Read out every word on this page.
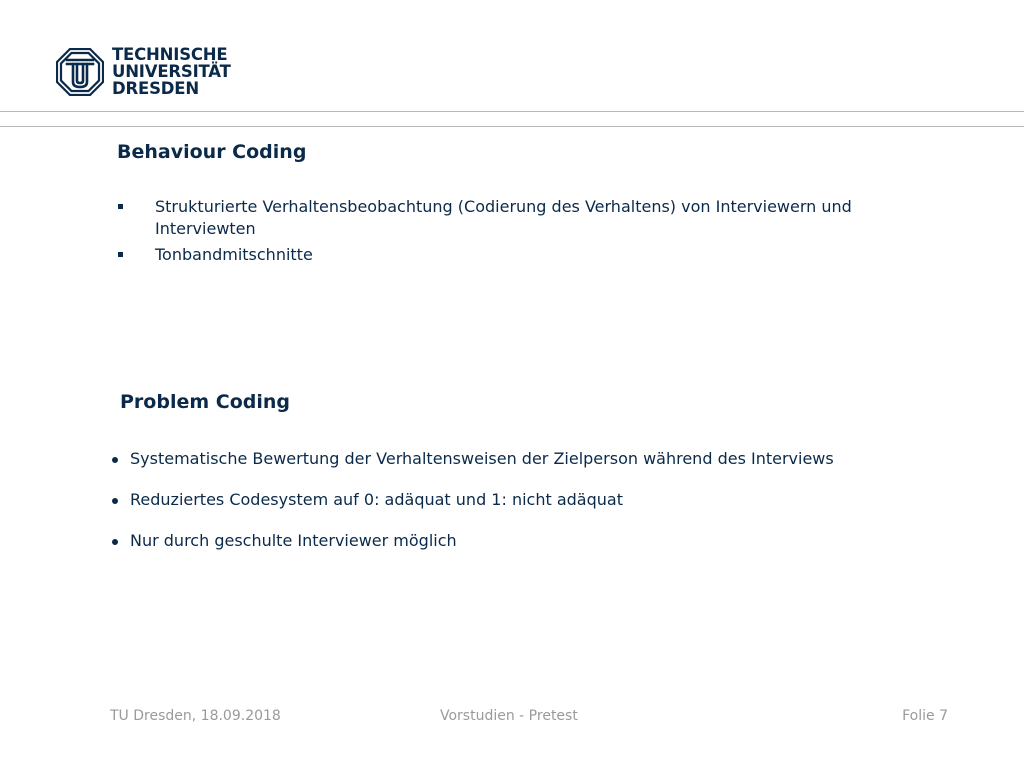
TECHNISCHE
UNIVERSITÄT
DRESDEN
Behaviour Coding
Strukturierte Verhaltensbeobachtung (Codierung des Verhaltens) von Interviewern und Interviewten
Tonbandmitschnitte
Problem Coding
Systematische Bewertung der Verhaltensweisen der Zielperson während des Interviews
Reduziertes Codesystem auf 0: adäquat und 1: nicht adäquat
Nur durch geschulte Interviewer möglich
TU Dresden, 18.09.2018	Vorstudien - Pretest	Folie 7
